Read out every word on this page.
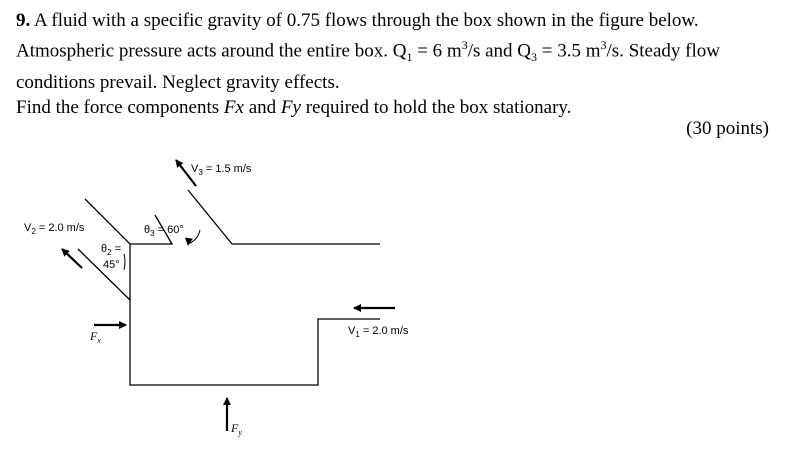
9. A fluid with a specific gravity of 0.75 flows through the box shown in the figure below.

Atmospheric pressure acts around the entire box. $Q_1 = 6$ $m^3/s$ and $Q_3 = 3.5$ $m^3/s$. Steady flow

conditions prevail. Neglect gravity effects.

Find the force components Fx and Fy required to hold the box stationary.

(30 points)
$V_3 = 1.5$ m/s
$\theta_3 = 60^\circ$
$V_2 = 2.0$ m/s
$\theta_2$ =
45°
$V_1 = 2.0$ m/s
$F_x$
$F_y$
